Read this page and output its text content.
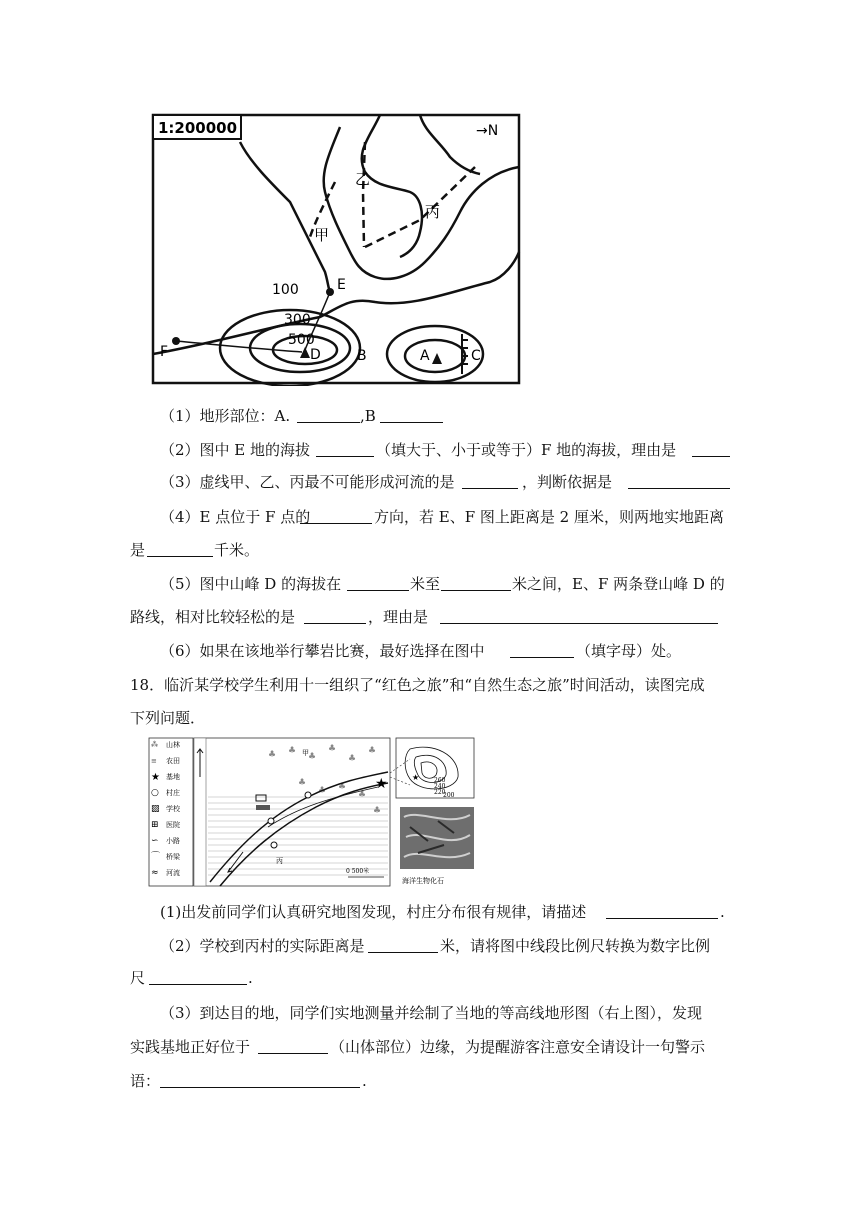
1:200000	→N
乙
丙
甲
E
F	B	A	C
D
100
300
500
（1）地形部位：A.	,B
（2）图中 E 地的海拔	（填大于、小于或等于）F 地的海拔，理由是
（3）虚线甲、乙、丙最不可能形成河流的是	，判断依据是
（4）E 点位于 F 点的	方向，若 E、F 图上距离是 2 厘米，则两地实地距离
是	千米。
（5）图中山峰 D 的海拔在	米至	米之间，E、F 两条登山峰 D 的
路线，相对比较轻松的是	，理由是
（6）如果在该地举行攀岩比赛，最好选择在图中	（填字母）处。
18．临沂某学校学生利用十一组织了“红色之旅”和“自然生态之旅”时间活动，读图完成
下列问题．
⁂ 山林
≡ 农田
★ 基地
○ 村庄
▨ 学校
⊞ 医院
∽ 小路
⌒ 桥梁
≈ 河流
♣ ♣
♣
♣
♣
♣
♣ ♣
♣
♣
♣	★
甲
丙
0 500米
260
240
220
200
★
海洋生物化石
(1)出发前同学们认真研究地图发现，村庄分布很有规律，请描述	.
（2）学校到丙村的实际距离是	米，请将图中线段比例尺转换为数字比例
尺	.
（3）到达目的地，同学们实地测量并绘制了当地的等高线地形图（右上图），发现
实践基地正好位于	（山体部位）边缘，为提醒游客注意安全请设计一句警示
语：	.
